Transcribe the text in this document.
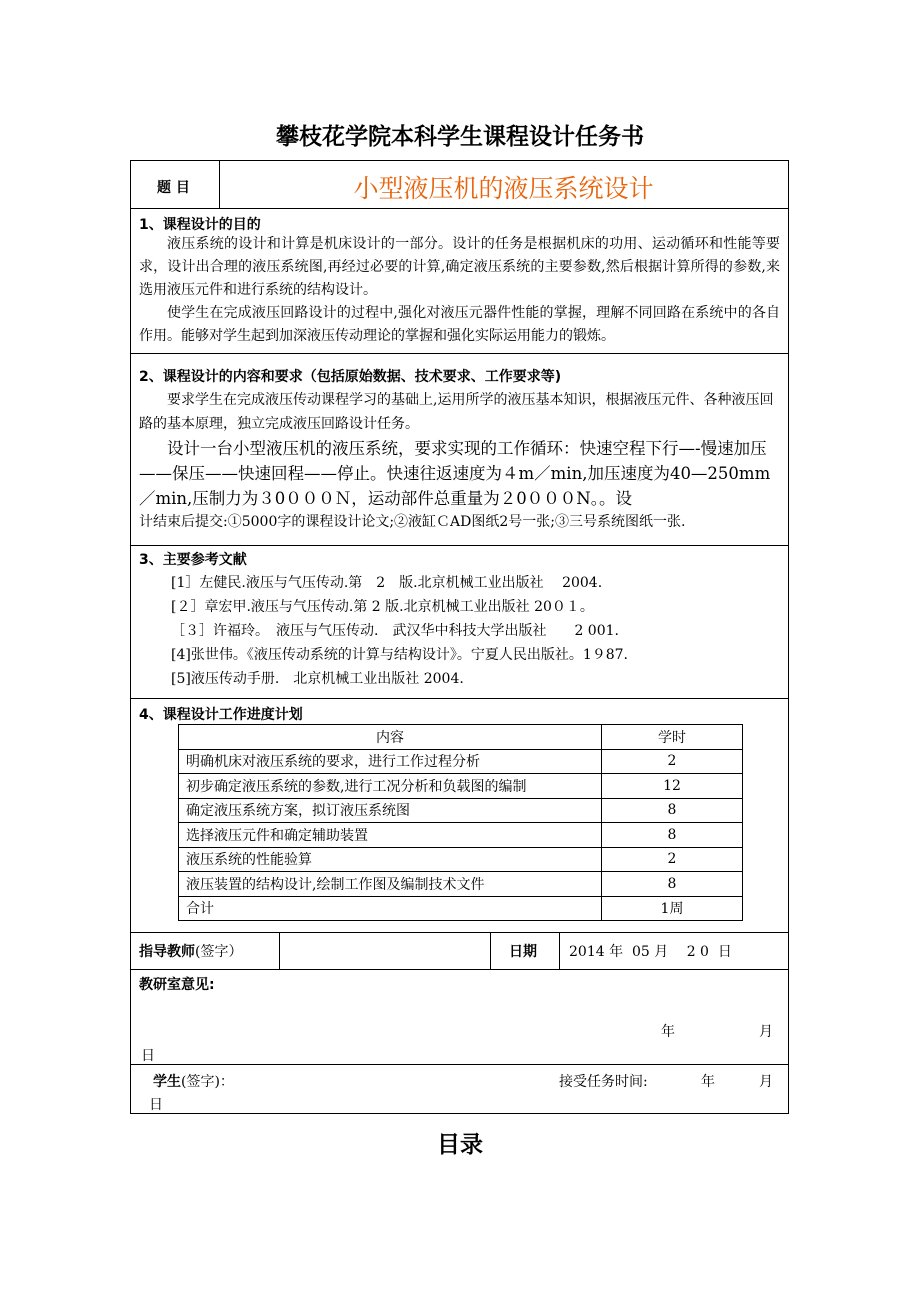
攀枝花学院本科学生课程设计任务书
题 目	小型液压机的液压系统设计
1、课程设计的目的

液压系统的设计和计算是机床设计的一部分。设计的任务是根据机床的功用、运动循环和性能等要求，设计出合理的液压系统图,再经过必要的计算,确定液压系统的主要参数,然后根据计算所得的参数,来选用液压元件和进行系统的结构设计。

使学生在完成液压回路设计的过程中,强化对液压元器件性能的掌握，理解不同回路在系统中的各自作用。能够对学生起到加深液压传动理论的掌握和强化实际运用能力的锻炼。

2、课程设计的内容和要求（包括原始数据、技术要求、工作要求等)

要求学生在完成液压传动课程学习的基础上,运用所学的液压基本知识，根据液压元件、各种液压回路的基本原理，独立完成液压回路设计任务。

设计一台小型液压机的液压系统，要求实现的工作循环：快速空程下行—-慢速加压——保压——快速回程——停止。快速往返速度为４m／min,加压速度为40—250mm／min,压制力为３0０００Ｎ，运动部件总重量为２0０００N。。设

计结束后提交:①5000字的课程设计论文;②液缸ＣAD图纸2号一张;③三号系统图纸一张.

3、主要参考文献
[1］左健民.液压与气压传动.第　2　版.北京机械工业出版社　 2004.
[２］章宏甲.液压与气压传动.第 2 版.北京机械工业出版社 20０１。
［３］许福玲。　液压与气压传动.　武汉华中科技大学出版社　　2 001.
[4]张世伟。《液压传动系统的计算与结构设计》。宁夏人民出版社。1９87.
[5]液压传动手册.　北京机械工业出版社 2004.
4、课程设计工作进度计划
内容	学时
明确机床对液压系统的要求，进行工作过程分析	2
初步确定液压系统的参数,进行工况分析和负载图的编制	12
确定液压系统方案，拟订液压系统图	8
选择液压元件和确定辅助装置	8
液压系统的性能验算	2
液压装置的结构设计,绘制工作图及编制技术文件	8
合计	1周
指导教师(签字）	日期 2014 年  05 月　 2 0  日
教研室意见:
年	月
日
学生(签字)：	接受任务时间:	年	月
日
目录
